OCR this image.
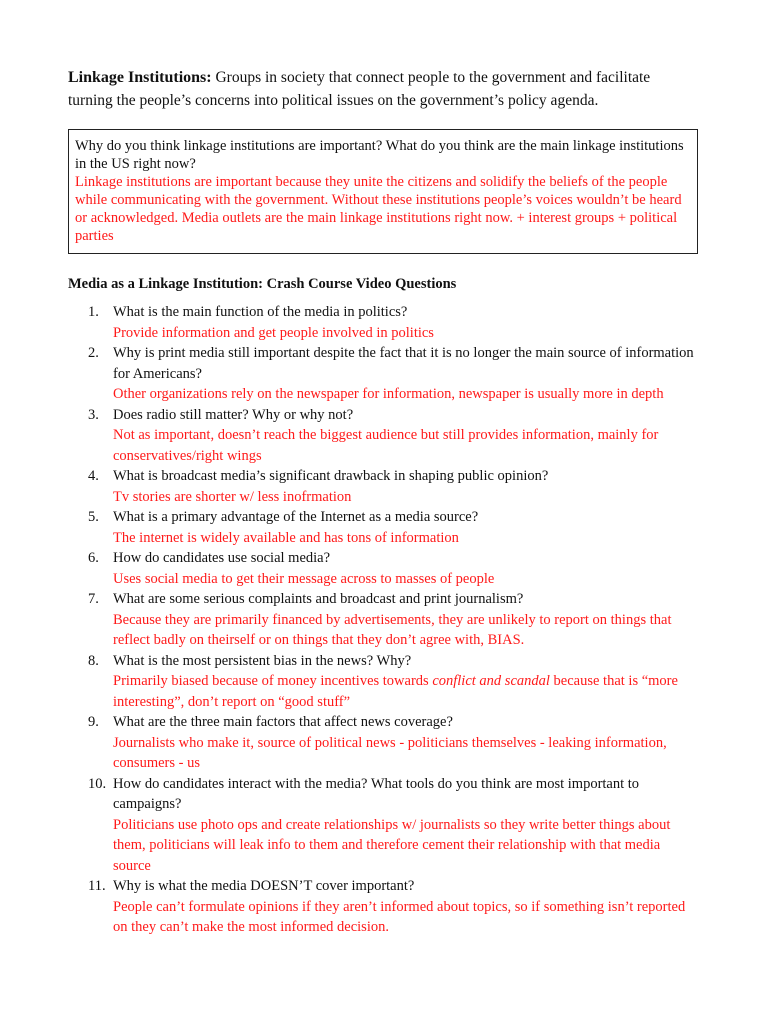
Linkage Institutions: Groups in society that connect people to the government and facilitate turning the people’s concerns into political issues on the government’s policy agenda.

Why do you think linkage institutions are important? What do you think are the main linkage institutions in the US right now?

Linkage institutions are important because they unite the citizens and solidify the beliefs of the people while communicating with the government. Without these institutions people’s voices wouldn’t be heard or acknowledged. Media outlets are the main linkage institutions right now. + interest groups + political parties

Media as a Linkage Institution: Crash Course Video Questions

1. What is the main function of the media in politics?
Provide information and get people involved in politics
2. Why is print media still important despite the fact that it is no longer the main source of information for Americans?
Other organizations rely on the newspaper for information, newspaper is usually more in depth
3. Does radio still matter? Why or why not?
Not as important, doesn’t reach the biggest audience but still provides information, mainly for conservatives/right wings
4. What is broadcast media’s significant drawback in shaping public opinion?
Tv stories are shorter w/ less inofrmation
5. What is a primary advantage of the Internet as a media source?
The internet is widely available and has tons of information
6. How do candidates use social media?
Uses social media to get their message across to masses of people
7. What are some serious complaints and broadcast and print journalism?
Because they are primarily financed by advertisements, they are unlikely to report on things that reflect badly on theirself or on things that they don’t agree with, BIAS.
8. What is the most persistent bias in the news? Why?
Primarily biased because of money incentives towards conflict and scandal because that is “more interesting”, don’t report on “good stuff”
9. What are the three main factors that affect news coverage?
Journalists who make it, source of political news - politicians themselves - leaking information, consumers - us
10. How do candidates interact with the media? What tools do you think are most important to campaigns?
Politicians use photo ops and create relationships w/ journalists so they write better things about them, politicians will leak info to them and therefore cement their relationship with that media source
11. Why is what the media DOESN’T cover important?
People can’t formulate opinions if they aren’t informed about topics, so if something isn’t reported on they can’t make the most informed decision.
